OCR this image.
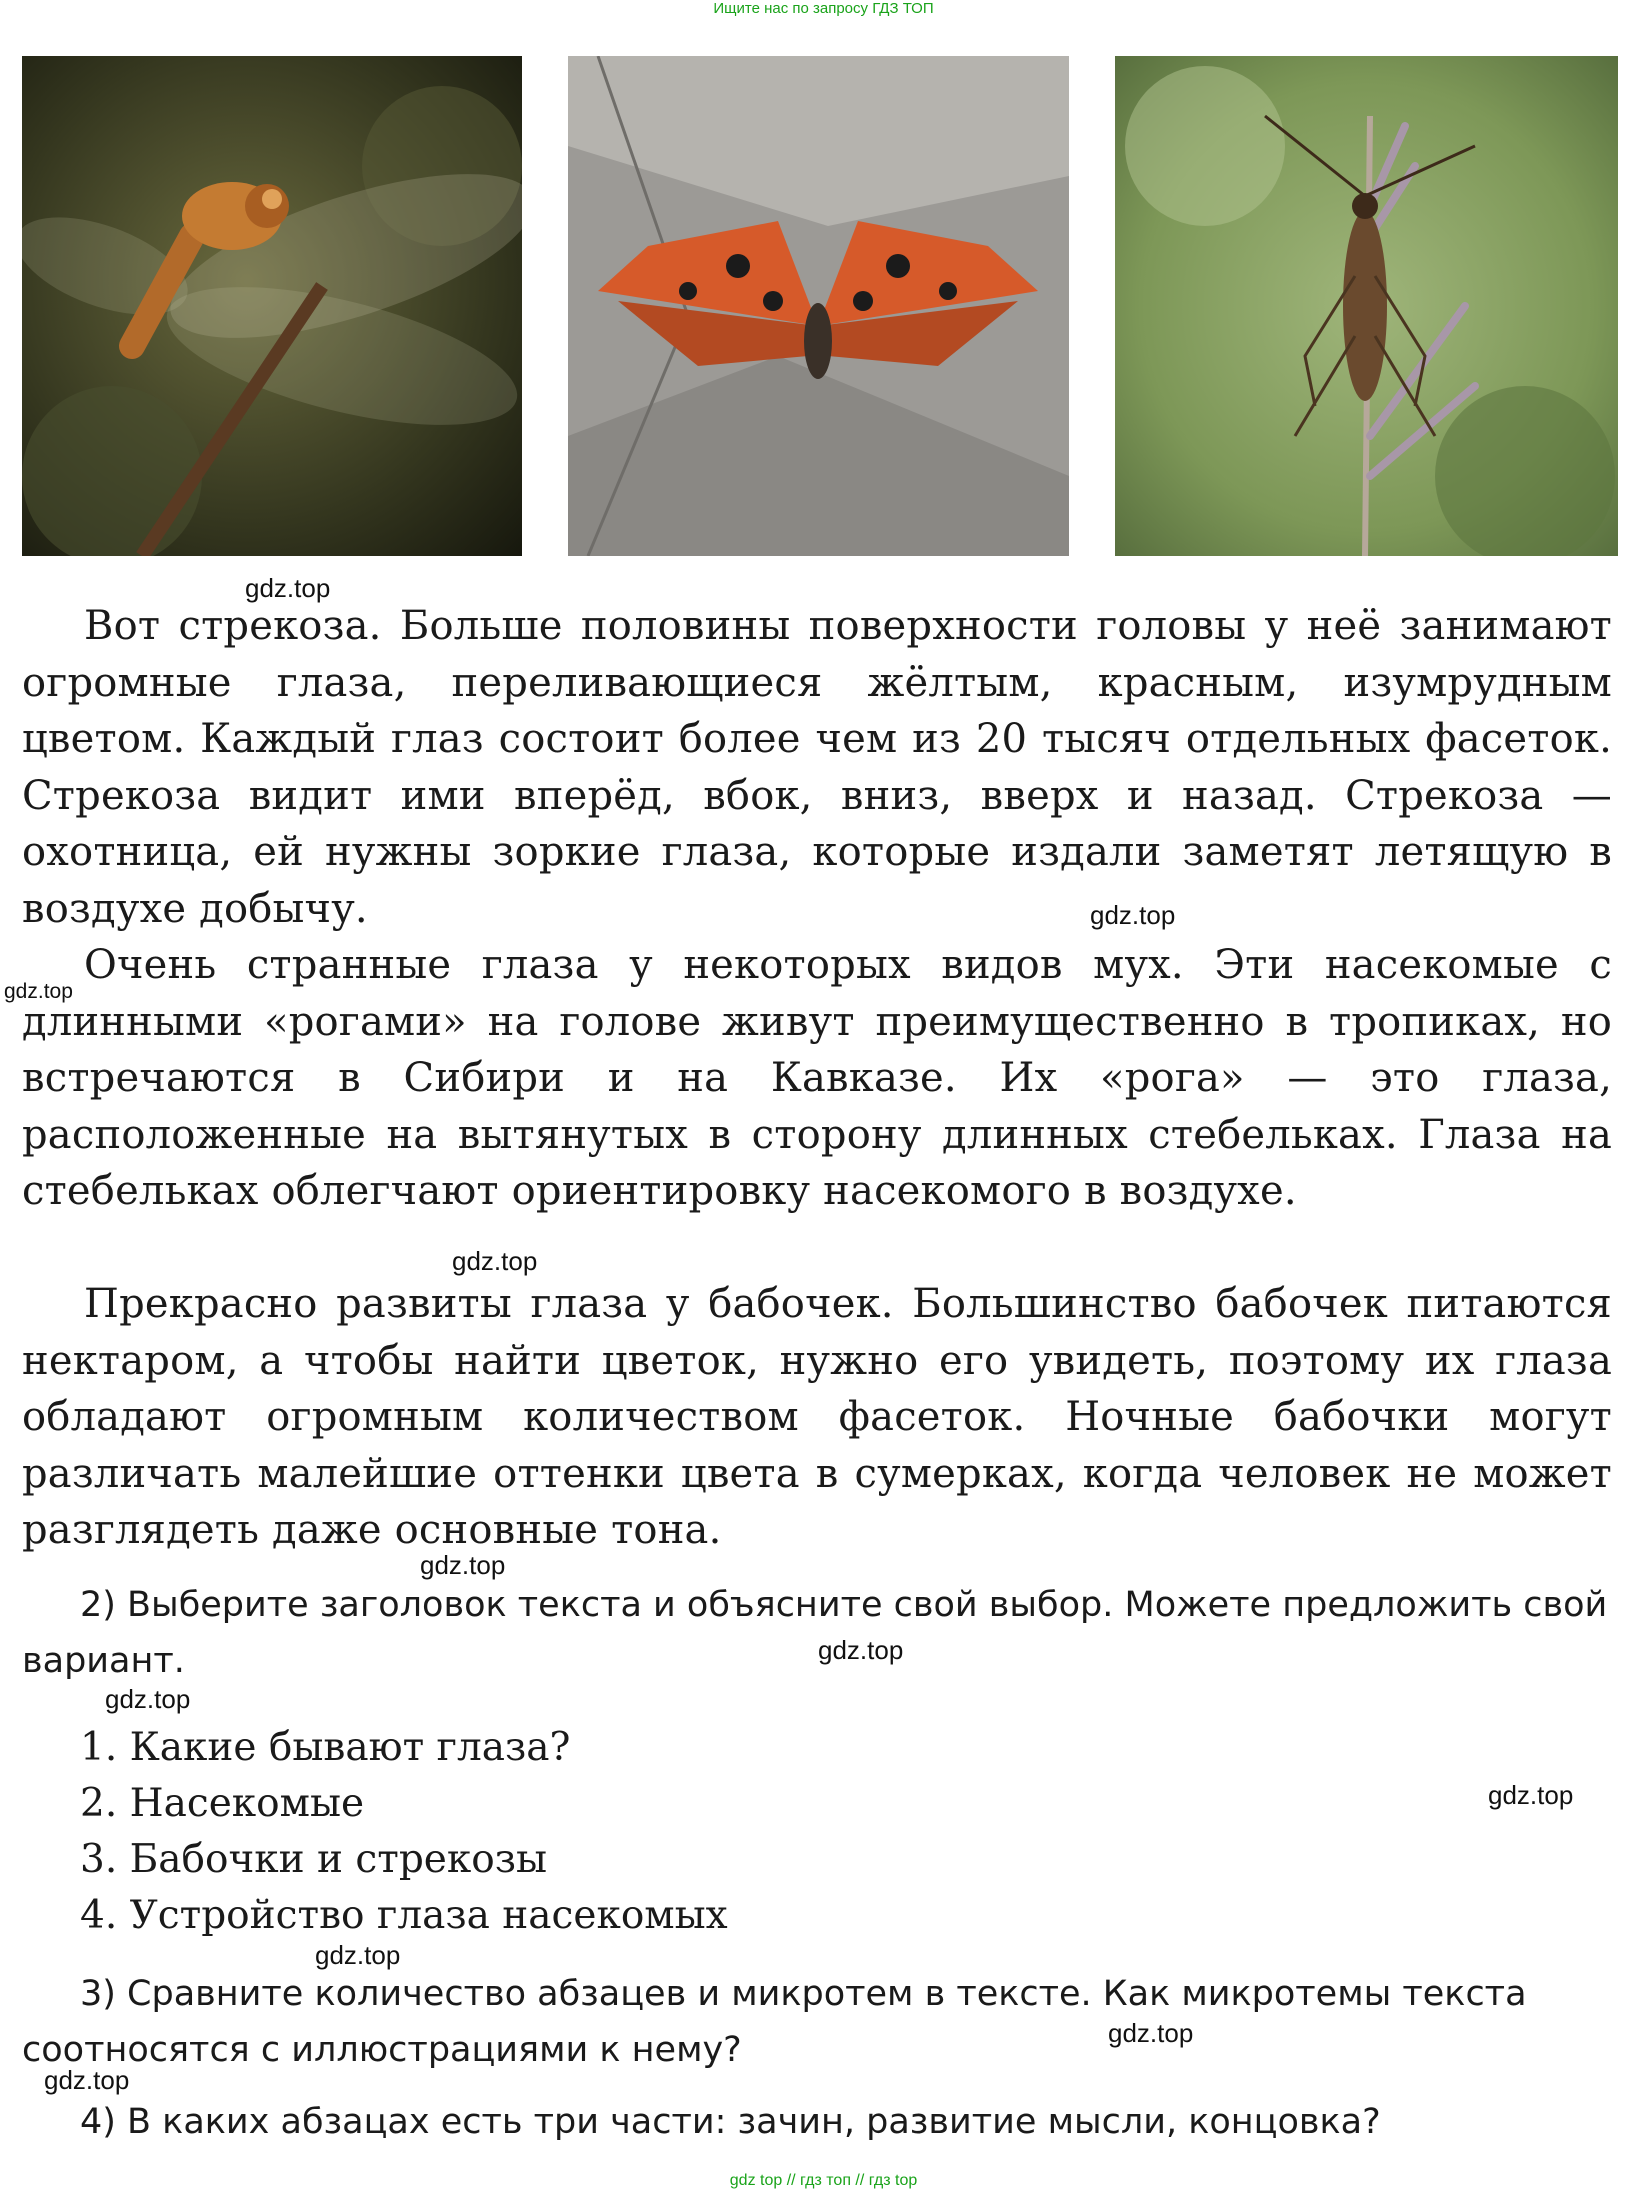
Ищите нас по запросу ГДЗ ТОП

Вот стрекоза. Больше половины поверхности головы у неё занимают огромные глаза, переливающиеся жёлтым, красным, изумрудным цветом. Каждый глаз состоит более чем из 20 тысяч отдельных фасеток. Стрекоза видит ими вперёд, вбок, вниз, вверх и назад. Стрекоза — охотница, ей нужны зоркие глаза, которые издали заметят летящую в воздухе добычу.

Очень странные глаза у некоторых видов мух. Эти насекомые с длинными «рогами» на голове живут преимущественно в тропиках, но встречаются в Сибири и на Кавказе. Их «рога» — это глаза, расположенные на вытянутых в сторону длинных стебельках. Глаза на стебельках облегчают ориентировку насекомого в воздухе.

Прекрасно развиты глаза у бабочек. Большинство бабочек питаются нектаром, а чтобы найти цветок, нужно его увидеть, поэтому их глаза обладают огромным количеством фасеток. Ночные бабочки могут различать малейшие оттенки цвета в сумерках, когда человек не может разглядеть даже основные тона.

2) Выберите заголовок текста и объясните свой выбор. Можете предложить свой вариант.

1. Какие бывают глаза?
2. Насекомые
3. Бабочки и стрекозы
4. Устройство глаза насекомых

3) Сравните количество абзацев и микротем в тексте. Как микротемы текста соотносятся с иллюстрациями к нему?

4) В каких абзацах есть три части: зачин, развитие мысли, концовка?

gdz.top
gdz.top
gdz.top
gdz.top
gdz.top
gdz.top
gdz.top
gdz.top
gdz.top
gdz.top
gdz.top
gdz top // гдз топ // гдз top
